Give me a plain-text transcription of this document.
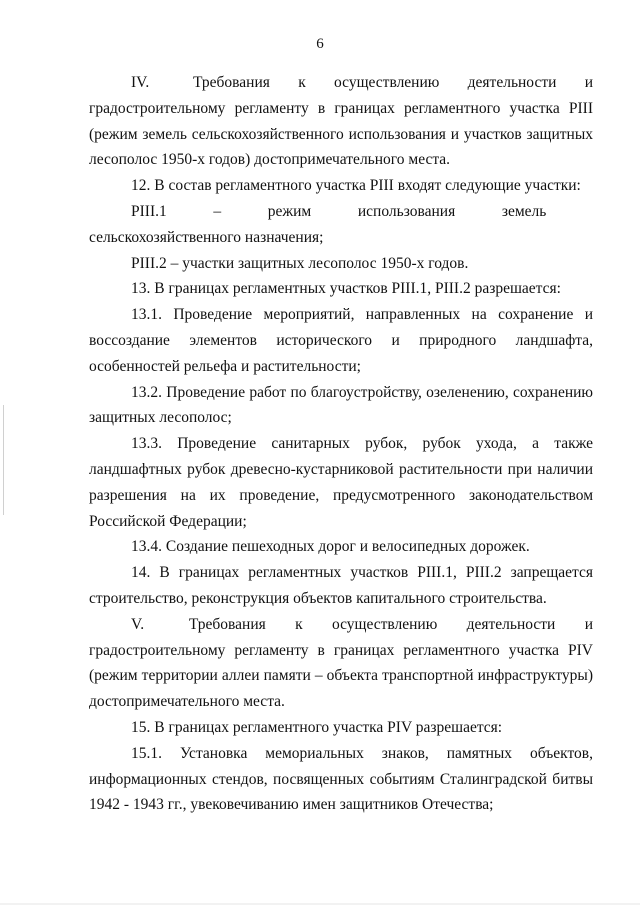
6

IV.  Требования к осуществлению деятельности и градостроительному регламенту в границах регламентного участка PIII (режим земель сельскохозяйственного использования и участков защитных лесополос 1950-х годов) достопримечательного места.

12. В состав регламентного участка PIII входят следующие участки:

PIII.1  –  режим  использования  земель  сельскохозяйственного назначения;

PIII.2 – участки защитных лесополос 1950-х годов.

13. В границах регламентных участков PIII.1, PIII.2 разрешается:

13.1. Проведение мероприятий, направленных на сохранение и воссоздание элементов исторического и природного ландшафта, особенностей рельефа и растительности;

13.2. Проведение работ по благоустройству, озеленению, сохранению защитных лесополос;

13.3. Проведение санитарных рубок, рубок ухода, а также ландшафтных рубок древесно-кустарниковой растительности при наличии разрешения на их проведение, предусмотренного законодательством Российской Федерации;

13.4. Создание пешеходных дорог и велосипедных дорожек.

14. В границах регламентных участков PIII.1, PIII.2 запрещается строительство, реконструкция объектов капитального строительства.

V.  Требования к осуществлению деятельности и градостроительному регламенту в границах регламентного участка PIV (режим территории аллеи памяти – объекта транспортной инфраструктуры) достопримечательного места.

15. В границах регламентного участка PIV разрешается:

15.1. Установка мемориальных знаков, памятных объектов, информационных стендов, посвященных событиям Сталинградской битвы 1942 - 1943 гг., увековечиванию имен защитников Отечества;
